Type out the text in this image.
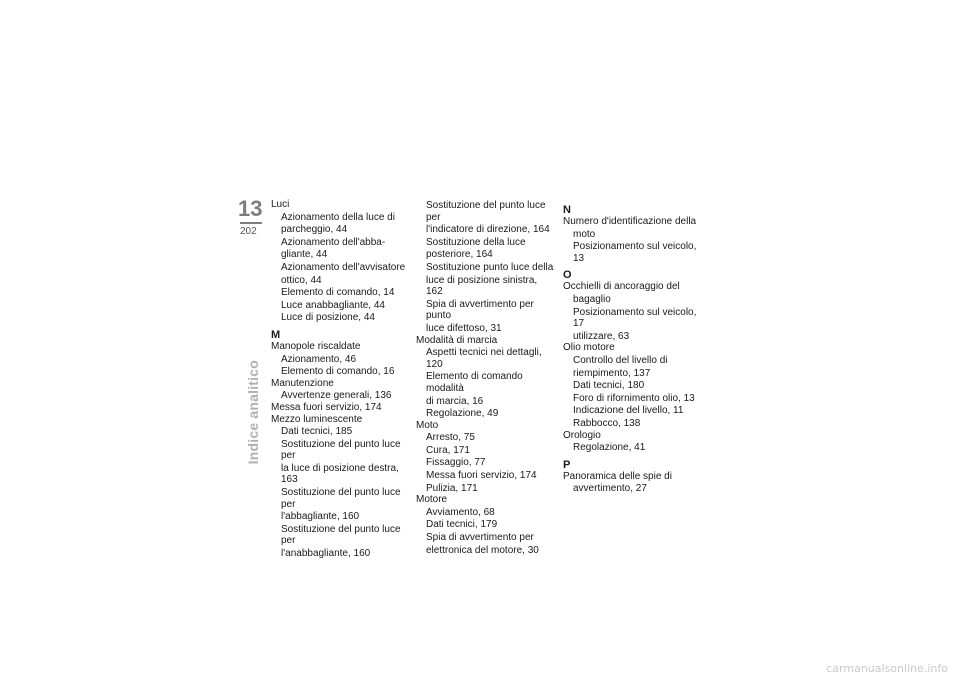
13
202
Indice analitico
Luci
Azionamento della luce di
parcheggio, 44
Azionamento dell'abba-
gliante, 44
Azionamento dell'avvisatore
ottico, 44
Elemento di comando, 14
Luce anabbagliante, 44
Luce di posizione, 44
M
Manopole riscaldate
Azionamento, 46
Elemento di comando, 16
Manutenzione
Avvertenze generali, 136
Messa fuori servizio, 174
Mezzo luminescente
Dati tecnici, 185
Sostituzione del punto luce per
la luce di posizione destra, 163
Sostituzione del punto luce per
l'abbagliante, 160
Sostituzione del punto luce per
l'anabbagliante, 160
Sostituzione del punto luce per
l'indicatore di direzione, 164
Sostituzione della luce
posteriore, 164
Sostituzione punto luce della
luce di posizione sinistra, 162
Spia di avvertimento per punto
luce difettoso, 31
Modalità di marcia
Aspetti tecnici nei dettagli, 120
Elemento di comando modalità
di marcia, 16
Regolazione, 49
Moto
Arresto, 75
Cura, 171
Fissaggio, 77
Messa fuori servizio, 174
Pulizia, 171
Motore
Avviamento, 68
Dati tecnici, 179
Spia di avvertimento per
elettronica del motore, 30
N
Numero d'identificazione della
moto
Posizionamento sul veicolo, 13
O
Occhielli di ancoraggio del
bagaglio
Posizionamento sul veicolo, 17
utilizzare, 63
Olio motore
Controllo del livello di
riempimento, 137
Dati tecnici, 180
Foro di rifornimento olio, 13
Indicazione del livello, 11
Rabbocco, 138
Orologio
Regolazione, 41
P
Panoramica delle spie di
avvertimento, 27
carmanualsonline.info
